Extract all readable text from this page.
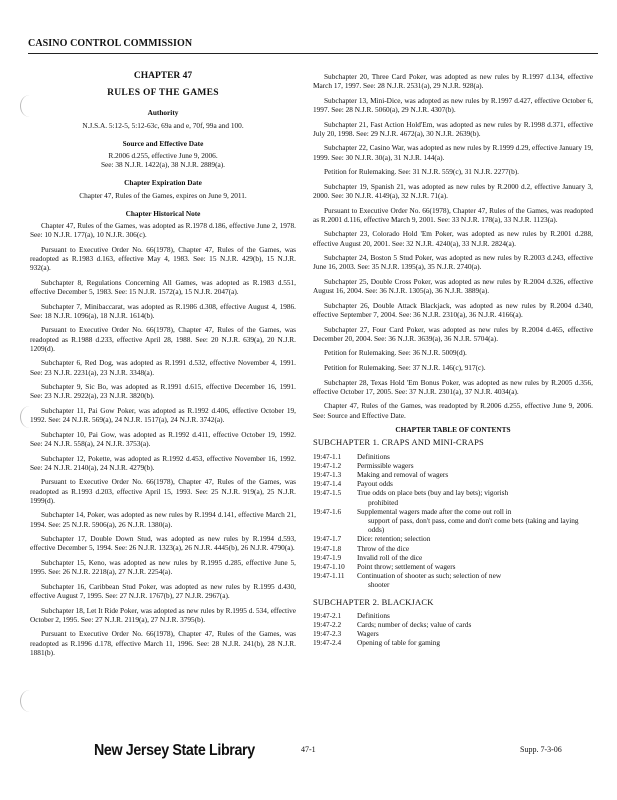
CASINO CONTROL COMMISSION
CHAPTER 47
RULES OF THE GAMES
Authority
N.J.S.A. 5:12-5, 5:12-63c, 69a and e, 70f, 99a and 100.
Source and Effective Date
R.2006 d.255, effective June 9, 2006.
See: 38 N.J.R. 1422(a), 38 N.J.R. 2889(a).
Chapter Expiration Date
Chapter 47, Rules of the Games, expires on June 9, 2011.
Chapter Historical Note

Chapter 47, Rules of the Games, was adopted as R.1978 d.186, effective June 2, 1978. See: 10 N.J.R. 177(a), 10 N.J.R. 306(c).

Pursuant to Executive Order No. 66(1978), Chapter 47, Rules of the Games, was readopted as R.1983 d.163, effective May 4, 1983. See: 15 N.J.R. 429(b), 15 N.J.R. 932(a).

Subchapter 8, Regulations Concerning All Games, was adopted as R.1983 d.551, effective December 5, 1983. See: 15 N.J.R. 1572(a), 15 N.J.R. 2047(a).

Subchapter 7, Minibaccarat, was adopted as R.1986 d.308, effective August 4, 1986. See: 18 N.J.R. 1096(a), 18 N.J.R. 1614(b).

Pursuant to Executive Order No. 66(1978), Chapter 47, Rules of the Games, was readopted as R.1988 d.233, effective April 28, 1988. See: 20 N.J.R. 639(a), 20 N.J.R. 1209(d).

Subchapter 6, Red Dog, was adopted as R.1991 d.532, effective November 4, 1991. See: 23 N.J.R. 2231(a), 23 N.J.R. 3348(a).

Subchapter 9, Sic Bo, was adopted as R.1991 d.615, effective December 16, 1991. See: 23 N.J.R. 2922(a), 23 N.J.R. 3820(b).

Subchapter 11, Pai Gow Poker, was adopted as R.1992 d.406, effective October 19, 1992. See: 24 N.J.R. 569(a), 24 N.J.R. 1517(a), 24 N.J.R. 3742(a).

Subchapter 10, Pai Gow, was adopted as R.1992 d.411, effective October 19, 1992. See: 24 N.J.R. 558(a), 24 N.J.R. 3753(a).

Subchapter 12, Pokette, was adopted as R.1992 d.453, effective November 16, 1992. See: 24 N.J.R. 2140(a), 24 N.J.R. 4279(b).

Pursuant to Executive Order No. 66(1978), Chapter 47, Rules of the Games, was readopted as R.1993 d.203, effective April 15, 1993. See: 25 N.J.R. 919(a), 25 N.J.R. 1999(d).

Subchapter 14, Poker, was adopted as new rules by R.1994 d.141, effective March 21, 1994. See: 25 N.J.R. 5906(a), 26 N.J.R. 1380(a).

Subchapter 17, Double Down Stud, was adopted as new rules by R.1994 d.593, effective December 5, 1994. See: 26 N.J.R. 1323(a), 26 N.J.R. 4445(b), 26 N.J.R. 4790(a).

Subchapter 15, Keno, was adopted as new rules by R.1995 d.285, effective June 5, 1995. See: 26 N.J.R. 2218(a), 27 N.J.R. 2254(a).

Subchapter 16, Caribbean Stud Poker, was adopted as new rules by R.1995 d.430, effective August 7, 1995. See: 27 N.J.R. 1767(b), 27 N.J.R. 2967(a).

Subchapter 18, Let It Ride Poker, was adopted as new rules by R.1995 d. 534, effective October 2, 1995. See: 27 N.J.R. 2119(a), 27 N.J.R. 3795(b).

Pursuant to Executive Order No. 66(1978), Chapter 47, Rules of the Games, was readopted as R.1996 d.178, effective March 11, 1996. See: 28 N.J.R. 241(b), 28 N.J.R. 1881(b).

Subchapter 20, Three Card Poker, was adopted as new rules by R.1997 d.134, effective March 17, 1997. See: 28 N.J.R. 2531(a), 29 N.J.R. 928(a).

Subchapter 13, Mini-Dice, was adopted as new rules by R.1997 d.427, effective October 6, 1997. See: 28 N.J.R. 5060(a), 29 N.J.R. 4307(b).

Subchapter 21, Fast Action Hold'Em, was adopted as new rules by R.1998 d.371, effective July 20, 1998. See: 29 N.J.R. 4672(a), 30 N.J.R. 2639(b).

Subchapter 22, Casino War, was adopted as new rules by R.1999 d.29, effective January 19, 1999. See: 30 N.J.R. 30(a), 31 N.J.R. 144(a).

Petition for Rulemaking. See: 31 N.J.R. 559(c), 31 N.J.R. 2277(b).

Subchapter 19, Spanish 21, was adopted as new rules by R.2000 d.2, effective January 3, 2000. See: 30 N.J.R. 4149(a), 32 N.J.R. 71(a).

Pursuant to Executive Order No. 66(1978), Chapter 47, Rules of the Games, was readopted as R.2001 d.116, effective March 9, 2001. See: 33 N.J.R. 178(a), 33 N.J.R. 1123(a).

Subchapter 23, Colorado Hold 'Em Poker, was adopted as new rules by R.2001 d.288, effective August 20, 2001. See: 32 N.J.R. 4240(a), 33 N.J.R. 2824(a).

Subchapter 24, Boston 5 Stud Poker, was adopted as new rules by R.2003 d.243, effective June 16, 2003. See: 35 N.J.R. 1395(a), 35 N.J.R. 2740(a).

Subchapter 25, Double Cross Poker, was adopted as new rules by R.2004 d.326, effective August 16, 2004. See: 36 N.J.R. 1305(a), 36 N.J.R. 3889(a).

Subchapter 26, Double Attack Blackjack, was adopted as new rules by R.2004 d.340, effective September 7, 2004. See: 36 N.J.R. 2310(a), 36 N.J.R. 4166(a).

Subchapter 27, Four Card Poker, was adopted as new rules by R.2004 d.465, effective December 20, 2004. See: 36 N.J.R. 3639(a), 36 N.J.R. 5704(a).

Petition for Rulemaking. See: 36 N.J.R. 5009(d).

Petition for Rulemaking. See: 37 N.J.R. 146(c), 917(c).

Subchapter 28, Texas Hold 'Em Bonus Poker, was adopted as new rules by R.2005 d.356, effective October 17, 2005. See: 37 N.J.R. 2301(a), 37 N.J.R. 4034(a).

Chapter 47, Rules of the Games, was readopted by R.2006 d.255, effective June 9, 2006. See: Source and Effective Date.

CHAPTER TABLE OF CONTENTS
SUBCHAPTER 1. CRAPS AND MINI-CRAPS
19:47-1.1	Definitions
19:47-1.2	Permissible wagers
19:47-1.3	Making and removal of wagers
19:47-1.4	Payout odds
19:47-1.5	True odds on place bets (buy and lay bets); vigorish
prohibited
19:47-1.6	Supplemental wagers made after the come out roll in
support of pass, don't pass, come and don't come bets (taking and laying odds)
19:47-1.7	Dice: retention; selection
19:47-1.8	Throw of the dice
19:47-1.9	Invalid roll of the dice
19:47-1.10	Point throw; settlement of wagers
19:47-1.11	Continuation of shooter as such; selection of new
shooter
SUBCHAPTER 2. BLACKJACK
19:47-2.1	Definitions
19:47-2.2	Cards; number of decks; value of cards
19:47-2.3	Wagers
19:47-2.4	Opening of table for gaming
New Jersey State Library	47-1	Supp. 7-3-06
